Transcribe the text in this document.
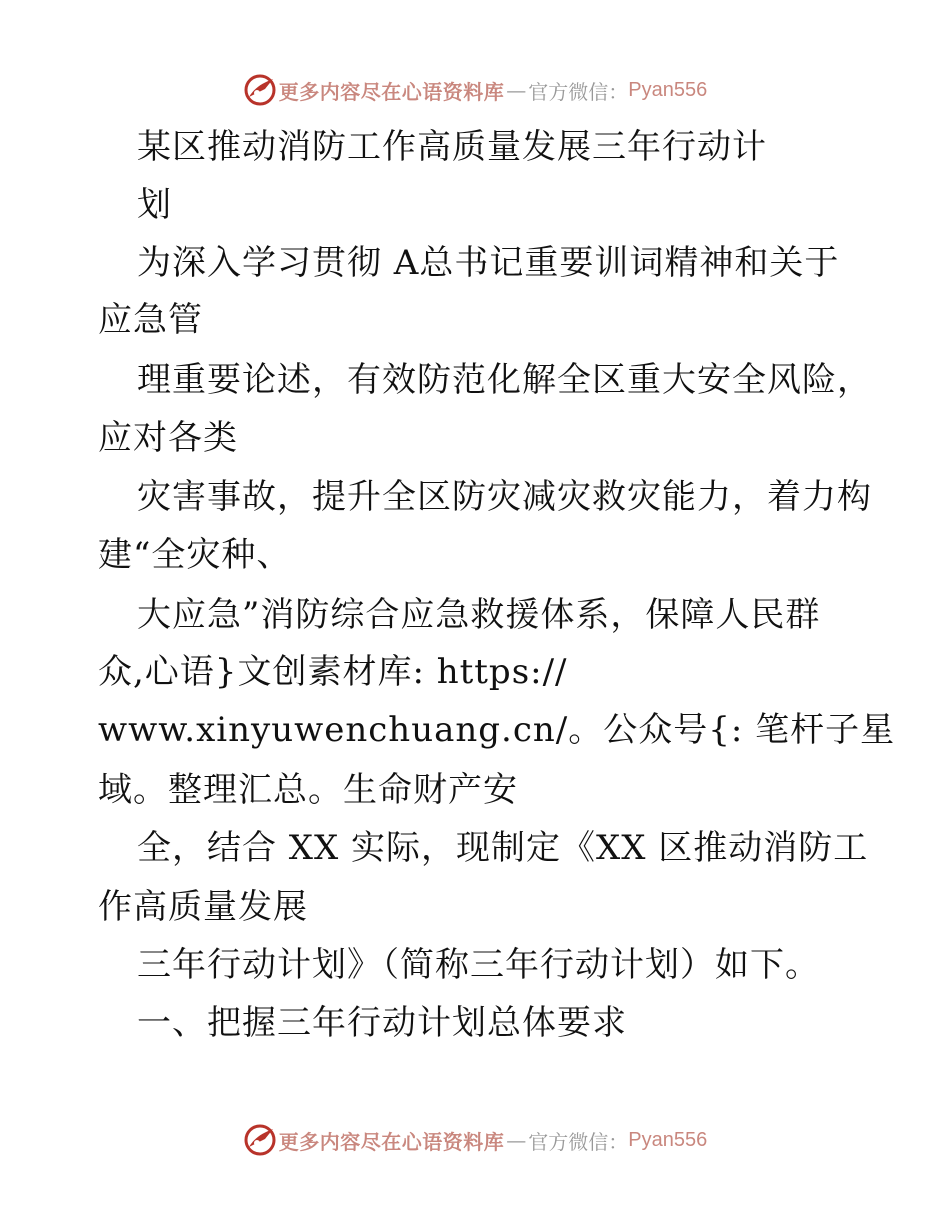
更多内容尽在心语资料库 — 官方微信： Pyan556
某区推动消防工作高质量发展三年行动计
划
为深入学习贯彻 A总书记重要训词精神和关于
应急管
理重要论述，有效防范化解全区重大安全风险，
应对各类
灾害事故，提升全区防灾减灾救灾能力，着力构
建“全灾种、
大应急”消防综合应急救援体系，保障人民群
众,心语}文创素材库: https://
www.xinyuwenchuang.cn/。公众号{: 笔杆子星
域。整理汇总。生命财产安
全，结合 XX 实际，现制定《XX 区推动消防工
作高质量发展
三年行动计划》（简称三年行动计划）如下。
一、把握三年行动计划总体要求
更多内容尽在心语资料库 — 官方微信： Pyan556
